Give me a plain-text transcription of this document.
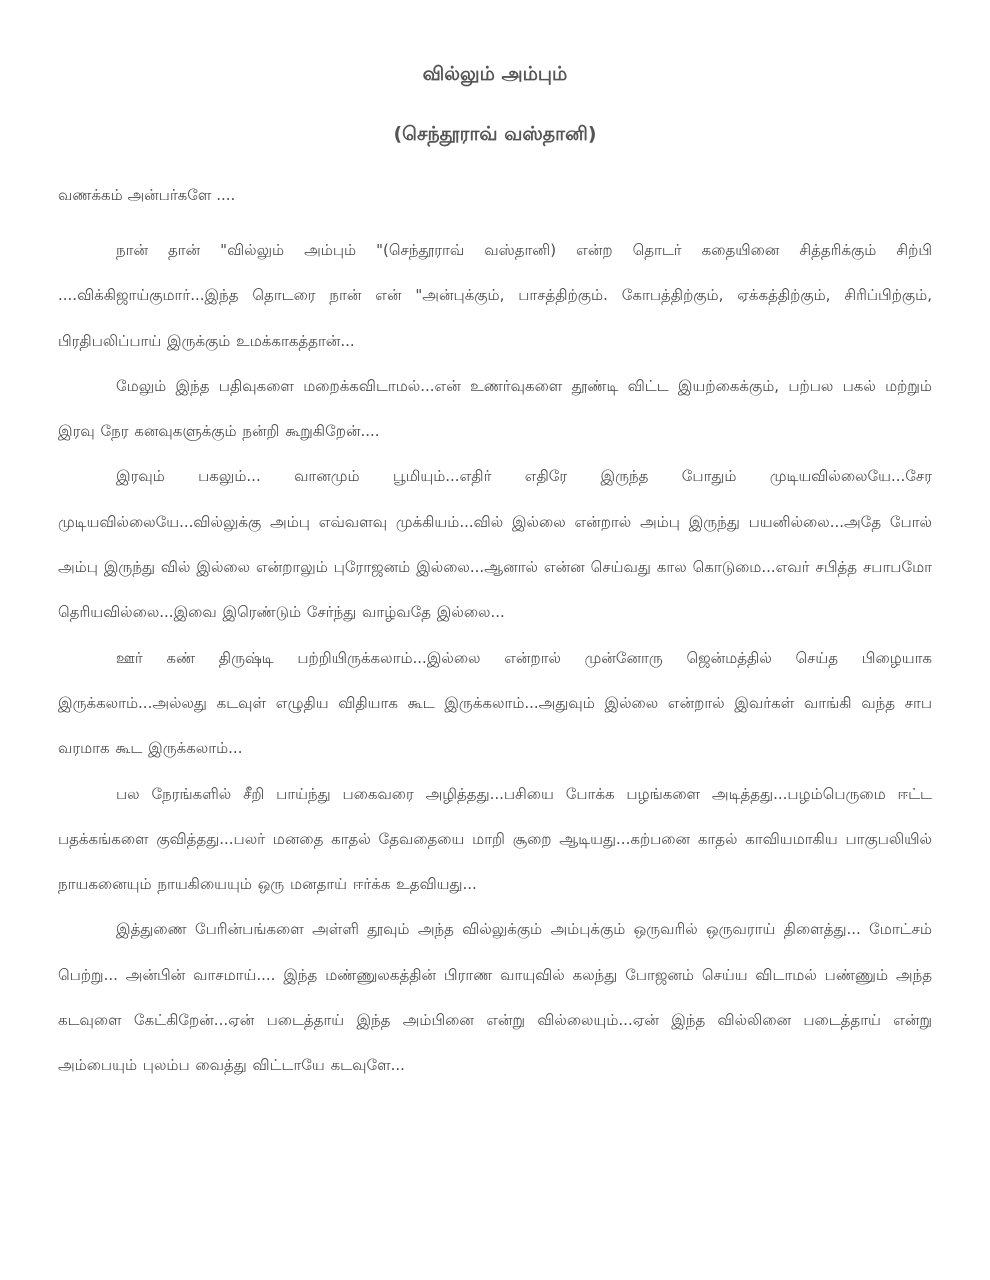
வில்லும் அம்பும்
(செந்தூராவ் வஸ்தானி)

வணக்கம் அன்பர்களே ....

நான் தான் "வில்லும் அம்பும் "(செந்தூராவ் வஸ்தானி) என்ற தொடர் கதையினை சித்தரிக்கும் சிற்பி ....விக்கிஜாய்குமார்...இந்த தொடரை நான் என் "அன்புக்கும், பாசத்திற்கும். கோபத்திற்கும், ஏக்கத்திற்கும், சிரிப்பிற்கும், பிரதிபலிப்பாய் இருக்கும் உமக்காகத்தான்...

மேலும் இந்த பதிவுகளை மறைக்கவிடாமல்...என் உணர்வுகளை தூண்டி விட்ட இயற்கைக்கும், பற்பல பகல் மற்றும் இரவு நேர கனவுகளுக்கும் நன்றி கூறுகிறேன்....

இரவும் பகலும்... வானமும் பூமியும்...எதிர் எதிரே இருந்த போதும் முடியவில்லையே...சேர முடியவில்லையே...வில்லுக்கு அம்பு எவ்வளவு முக்கியம்...வில் இல்லை என்றால் அம்பு இருந்து பயனில்லை...அதே போல் அம்பு இருந்து வில் இல்லை என்றாலும் புரோஜனம் இல்லை...ஆனால் என்ன செய்வது கால கொடுமை...எவர் சபித்த சபாபமோ தெரியவில்லை...இவை இரெண்டும் சேர்ந்து வாழ்வதே இல்லை...

ஊர் கண் திருஷ்டி பற்றியிருக்கலாம்...இல்லை என்றால் முன்னோரு ஜென்மத்தில் செய்த பிழையாக இருக்கலாம்...அல்லது கடவுள் எழுதிய விதியாக கூட இருக்கலாம்...அதுவும் இல்லை என்றால் இவர்கள் வாங்கி வந்த சாப வரமாக கூட இருக்கலாம்...

பல நேரங்களில் சீறி பாய்ந்து பகைவரை அழித்தது...பசியை போக்க பழங்களை அடித்தது...பழம்பெருமை ஈட்ட பதக்கங்களை குவித்தது...பலர் மனதை காதல் தேவதையை மாறி சூறை ஆடியது...கற்பனை காதல் காவியமாகிய பாகுபலியில் நாயகனையும் நாயகியையும் ஒரு மனதாய் ஈர்க்க உதவியது...

இத்துணை பேரின்பங்களை அள்ளி தூவும் அந்த வில்லுக்கும் அம்புக்கும் ஒருவரில் ஒருவராய் திளைத்து... மோட்சம் பெற்று... அன்பின் வாசமாய்.... இந்த மண்ணுலகத்தின் பிராண வாயுவில் கலந்து போஜனம் செய்ய விடாமல் பண்ணும் அந்த கடவுளை கேட்கிறேன்...ஏன் படைத்தாய் இந்த அம்பினை என்று வில்லையும்...ஏன் இந்த வில்லினை படைத்தாய் என்று அம்பையும் புலம்ப வைத்து விட்டாயே கடவுளே...
